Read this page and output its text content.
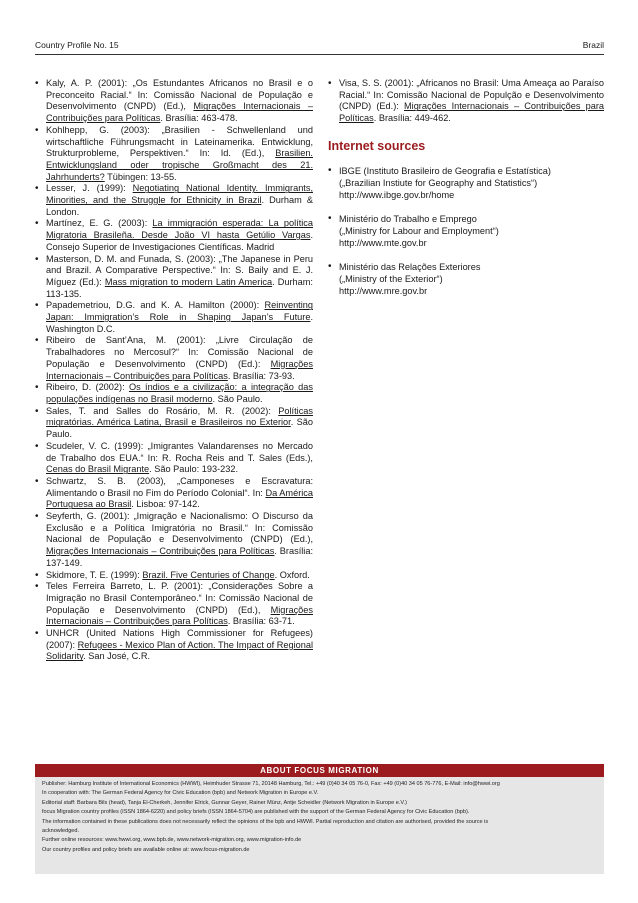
Country Profile No. 15	Brazil
• Kaly, A. P. (2001): „Os Estundantes Africanos no Brasil e o Preconceito Racial.“ In: Comissão Nacional de População e Desenvolvimento (CNPD) (Ed.), Migrações Internacionais – Contribuições para Políticas. Brasília: 463-478.
• Kohlhepp, G. (2003): „Brasilien - Schwellenland und wirtschaftliche Führungsmacht in Lateinamerika. Entwicklung, Strukturprobleme, Perspektiven.“ In: Id. (Ed.), Brasilien. Entwicklungsland oder tropische Großmacht des 21. Jahrhunderts? Tübingen: 13-55.
• Lesser, J. (1999): Negotiating National Identity. Immigrants, Minorities, and the Struggle for Ethnicity in Brazil. Durham & London.
• Martínez, E. G. (2003): La immigración esperada: La política Migratoria Brasileña. Desde João VI hasta Getúlio Vargas. Consejo Superior de Investigaciones Científicas. Madrid
• Masterson, D. M. and Funada, S. (2003): „The Japanese in Peru and Brazil. A Comparative Perspective.“ In: S. Baily and E. J. Míguez (Ed.): Mass migration to modern Latin America. Durham: 113-135.
• Papademetriou, D.G. and K. A. Hamilton (2000): Reinventing Japan: Immigration’s Role in Shaping Japan’s Future. Washington D.C.
• Ribeiro de Sant’Ana, M. (2001): „Livre Circulação de Trabalhadores no Mercosul?“ In: Comissão Nacional de População e Desenvolvimento (CNPD) (Ed.): Migrações Internacionais – Contribuições para Políticas. Brasília: 73-93.
• Ribeiro, D. (2002): Os índios e a civilização: a integração das populações indígenas no Brasil moderno. São Paulo.
• Sales, T. and Salles do Rosário, M. R. (2002): Políticas migratórias. América Latina, Brasil e Brasileiros no Exterior. São Paulo.
• Scudeler, V. C. (1999): „Imigrantes Valandarenses no Mercado de Trabalho dos EUA.“ In: R. Rocha Reis and T. Sales (Eds.), Cenas do Brasil Migrante. São Paulo: 193-232.
• Schwartz, S. B. (2003), „Camponeses e Escravatura: Alimentando o Brasil no Fim do Período Colonial“. In: Da América Portuguesa ao Brasil. Lisboa: 97-142.
• Seyferth, G. (2001): „Imigração e Nacionalismo: O Discurso da Exclusão e a Política Imigratória no Brasil.“ In: Comissão Nacional de População e Desenvolvimento (CNPD) (Ed.), Migrações Internacionais – Contribuições para Políticas. Brasília: 137-149.
• Skidmore, T. E. (1999): Brazil. Five Centuries of Change. Oxford.
• Teles Ferreira Barreto, L. P. (2001): „Considerações Sobre a Imigração no Brasil Contemporâneo.“ In: Comissão Nacional de População e Desenvolvimento (CNPD) (Ed.), Migrações Internacionais – Contribuições para Políticas. Brasília: 63-71.
• UNHCR (United Nations High Commissioner for Refugees) (2007): Refugees - Mexico Plan of Action. The Impact of Regional Solidarity. San José, C.R.
• Visa, S. S. (2001): „Africanos no Brasil: Uma Ameaça ao Paraíso Racial.“ In: Comissão Nacional de Populção e Desenvolvimento (CNPD) (Ed.): Migrações Internacionais – Contribuições para Políticas. Brasília: 449-462.
Internet sources
• IBGE (Instituto Brasileiro de Geografia e Estatística)
(„Brazilian Instiute for Geography and Statistics“)
http://www.ibge.gov.br/home
• Ministério do Trabalho e Emprego
(„Ministry for Labour and Employment“)
http://www.mte.gov.br
• Ministério das Relações Exteriores
(„Ministry of the Exterior“)
http://www.mre.gov.br
ABOUT FOCUS MIGRATION
Publisher: Hamburg Institute of International Economics (HWWI), Heimhuder Strasse 71, 20148 Hamburg, Tel.: +49 (0)40 34 05 76-0, Fax: +49 (0)40 34 05 76-776, E-Mail: info@hwwi.org
In cooperation with: The German Federal Agency for Civic Education (bpb) and Network Migration in Europe e.V.
Editorial staff: Barbara Bils (head), Tanja El-Cherkeh, Jennifer Elrick, Gunnar Geyer, Rainer Münz, Antje Scheidler (Network Migration in Europe e.V.)
focus Migration country profiles (ISSN 1864-6220) and policy briefs (ISSN 1864-5704) are published with the support of the German Federal Agency for Civic Education (bpb).
The information contained in these publications does not necessarily reflect the opinions of the bpb and HWWI. Partial reproduction and citation are authorised, provided the source is
acknowledged.
Further online resources: www.hwwi.org, www.bpb.de, www.network-migration.org, www.migration-info.de
Our country profiles and policy briefs are available online at: www.focus-migration.de
